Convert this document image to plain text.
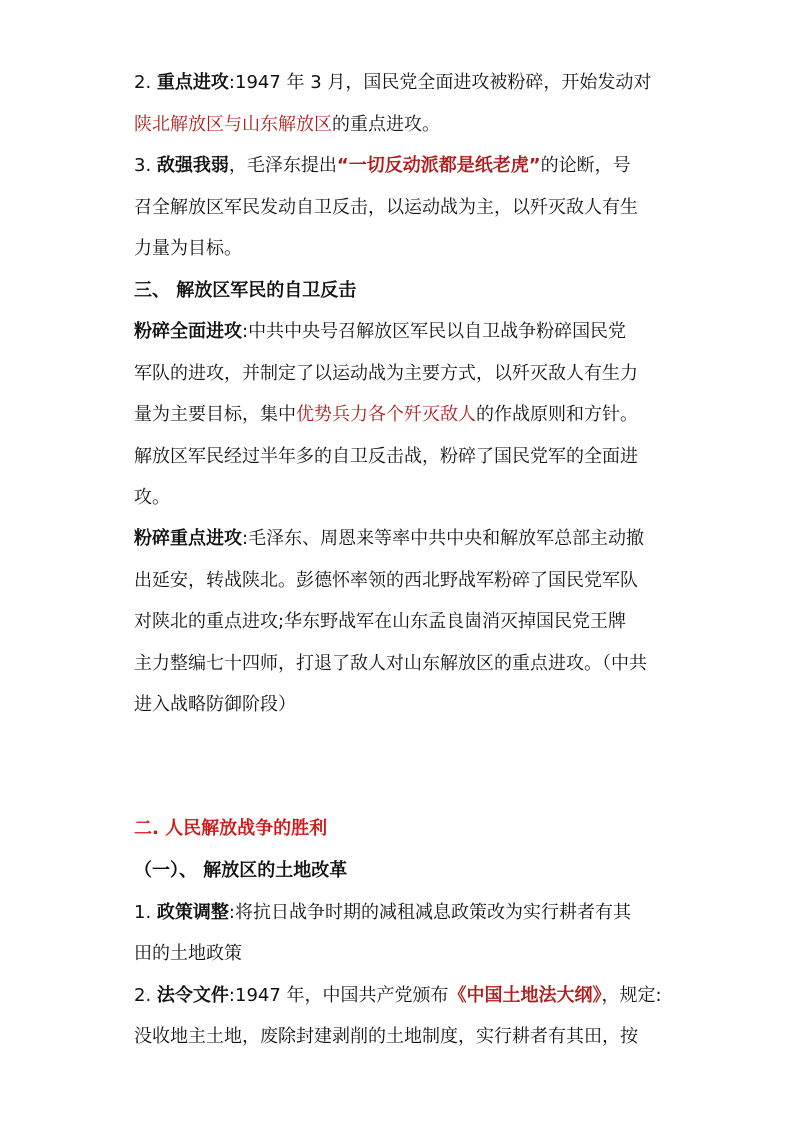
2. 重点进攻:1947 年 3 月，国民党全面进攻被粉碎，开始发动对
陕北解放区与山东解放区的重点进攻。
3. 敌强我弱，毛泽东提出“一切反动派都是纸老虎”的论断，号
召全解放区军民发动自卫反击，以运动战为主，以歼灭敌人有生
力量为目标。
三、 解放区军民的自卫反击
粉碎全面进攻:中共中央号召解放区军民以自卫战争粉碎国民党
军队的进攻，并制定了以运动战为主要方式，以歼灭敌人有生力
量为主要目标，集中优势兵力各个歼灭敌人的作战原则和方针。
解放区军民经过半年多的自卫反击战，粉碎了国民党军的全面进
攻。
粉碎重点进攻:毛泽东、周恩来等率中共中央和解放军总部主动撤
出延安，转战陕北。彭德怀率领的西北野战军粉碎了国民党军队
对陕北的重点进攻;华东野战军在山东孟良崮消灭掉国民党王牌
主力整编七十四师，打退了敌人对山东解放区的重点进攻。（中共
进入战略防御阶段）
二. 人民解放战争的胜利
（一）、 解放区的土地改革
1. 政策调整:将抗日战争时期的减租减息政策改为实行耕者有其
田的土地政策
2. 法令文件:1947 年，中国共产党颁布《中国土地法大纲》，规定:
没收地主土地，废除封建剥削的土地制度，实行耕者有其田，按
